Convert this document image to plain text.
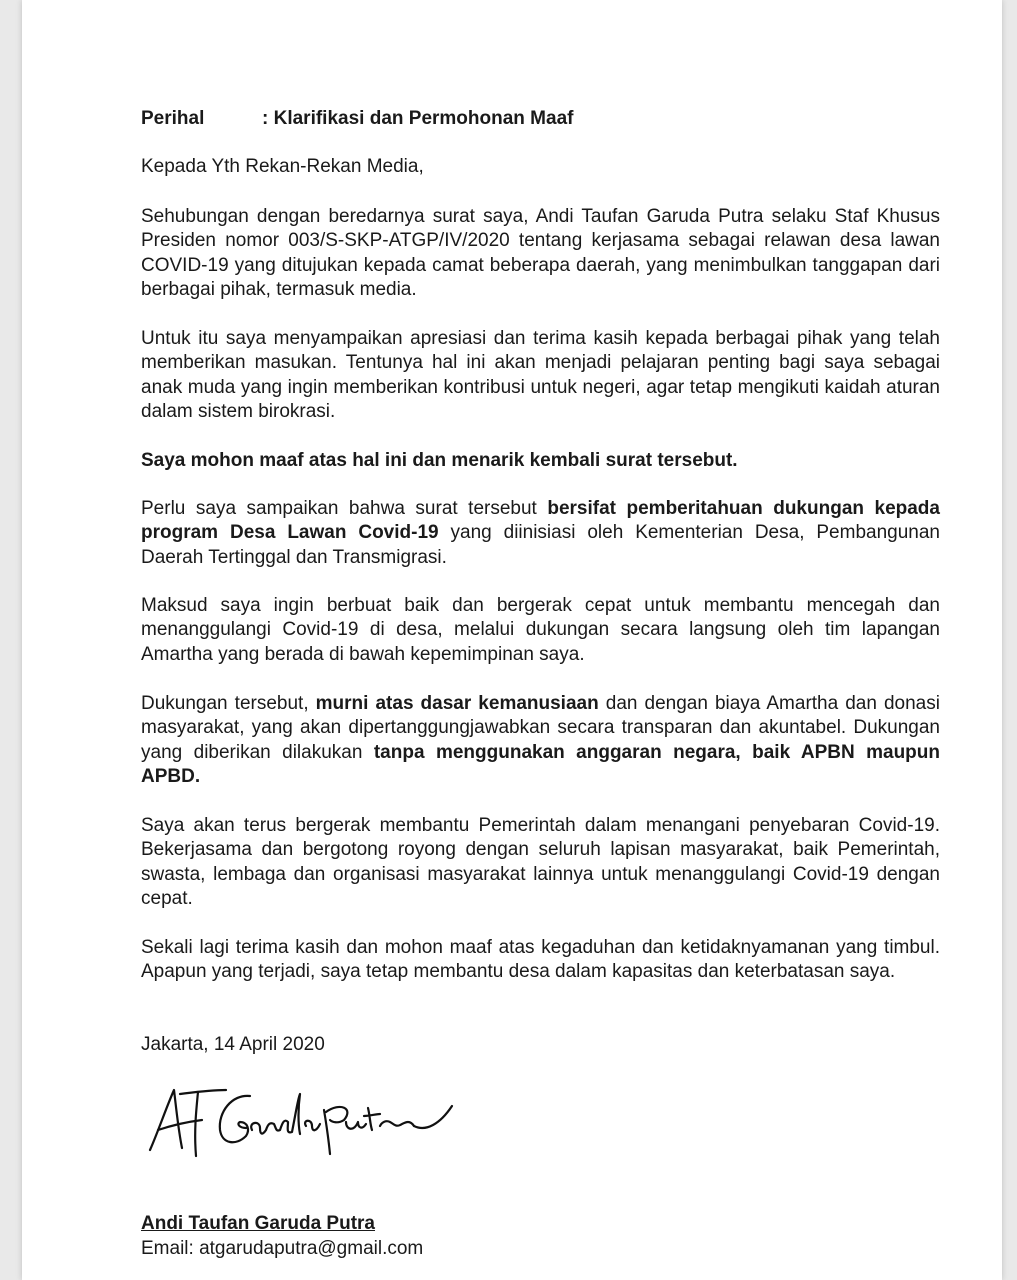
Perihal	: Klarifikasi dan Permohonan Maaf
Kepada Yth Rekan-Rekan Media,
Sehubungan dengan beredarnya surat saya, Andi Taufan Garuda Putra selaku Staf Khusus Presiden nomor 003/S-SKP-ATGP/IV/2020 tentang kerjasama sebagai relawan desa lawan COVID-19 yang ditujukan kepada camat beberapa daerah, yang menimbulkan tanggapan dari berbagai pihak, termasuk media.
Untuk itu saya menyampaikan apresiasi dan terima kasih kepada berbagai pihak yang telah memberikan masukan. Tentunya hal ini akan menjadi pelajaran penting bagi saya sebagai anak muda yang ingin memberikan kontribusi untuk negeri, agar tetap mengikuti kaidah aturan dalam sistem birokrasi.
Saya mohon maaf atas hal ini dan menarik kembali surat tersebut.
Perlu saya sampaikan bahwa surat tersebut bersifat pemberitahuan dukungan kepada program Desa Lawan Covid-19 yang diinisiasi oleh Kementerian Desa, Pembangunan Daerah Tertinggal dan Transmigrasi.
Maksud saya ingin berbuat baik dan bergerak cepat untuk membantu mencegah dan menanggulangi Covid-19 di desa, melalui dukungan secara langsung oleh tim lapangan Amartha yang berada di bawah kepemimpinan saya.
Dukungan tersebut, murni atas dasar kemanusiaan dan dengan biaya Amartha dan donasi masyarakat, yang akan dipertanggungjawabkan secara transparan dan akuntabel. Dukungan yang diberikan dilakukan tanpa menggunakan anggaran negara, baik APBN maupun APBD.
Saya akan terus bergerak membantu Pemerintah dalam menangani penyebaran Covid-19. Bekerjasama dan bergotong royong dengan seluruh lapisan masyarakat, baik Pemerintah, swasta, lembaga dan organisasi masyarakat lainnya untuk menanggulangi Covid-19 dengan cepat.
Sekali lagi terima kasih dan mohon maaf atas kegaduhan dan ketidaknyamanan yang timbul. Apapun yang terjadi, saya tetap membantu desa dalam kapasitas dan keterbatasan saya.
Jakarta, 14 April 2020
Andi Taufan Garuda Putra
Email: atgarudaputra@gmail.com
